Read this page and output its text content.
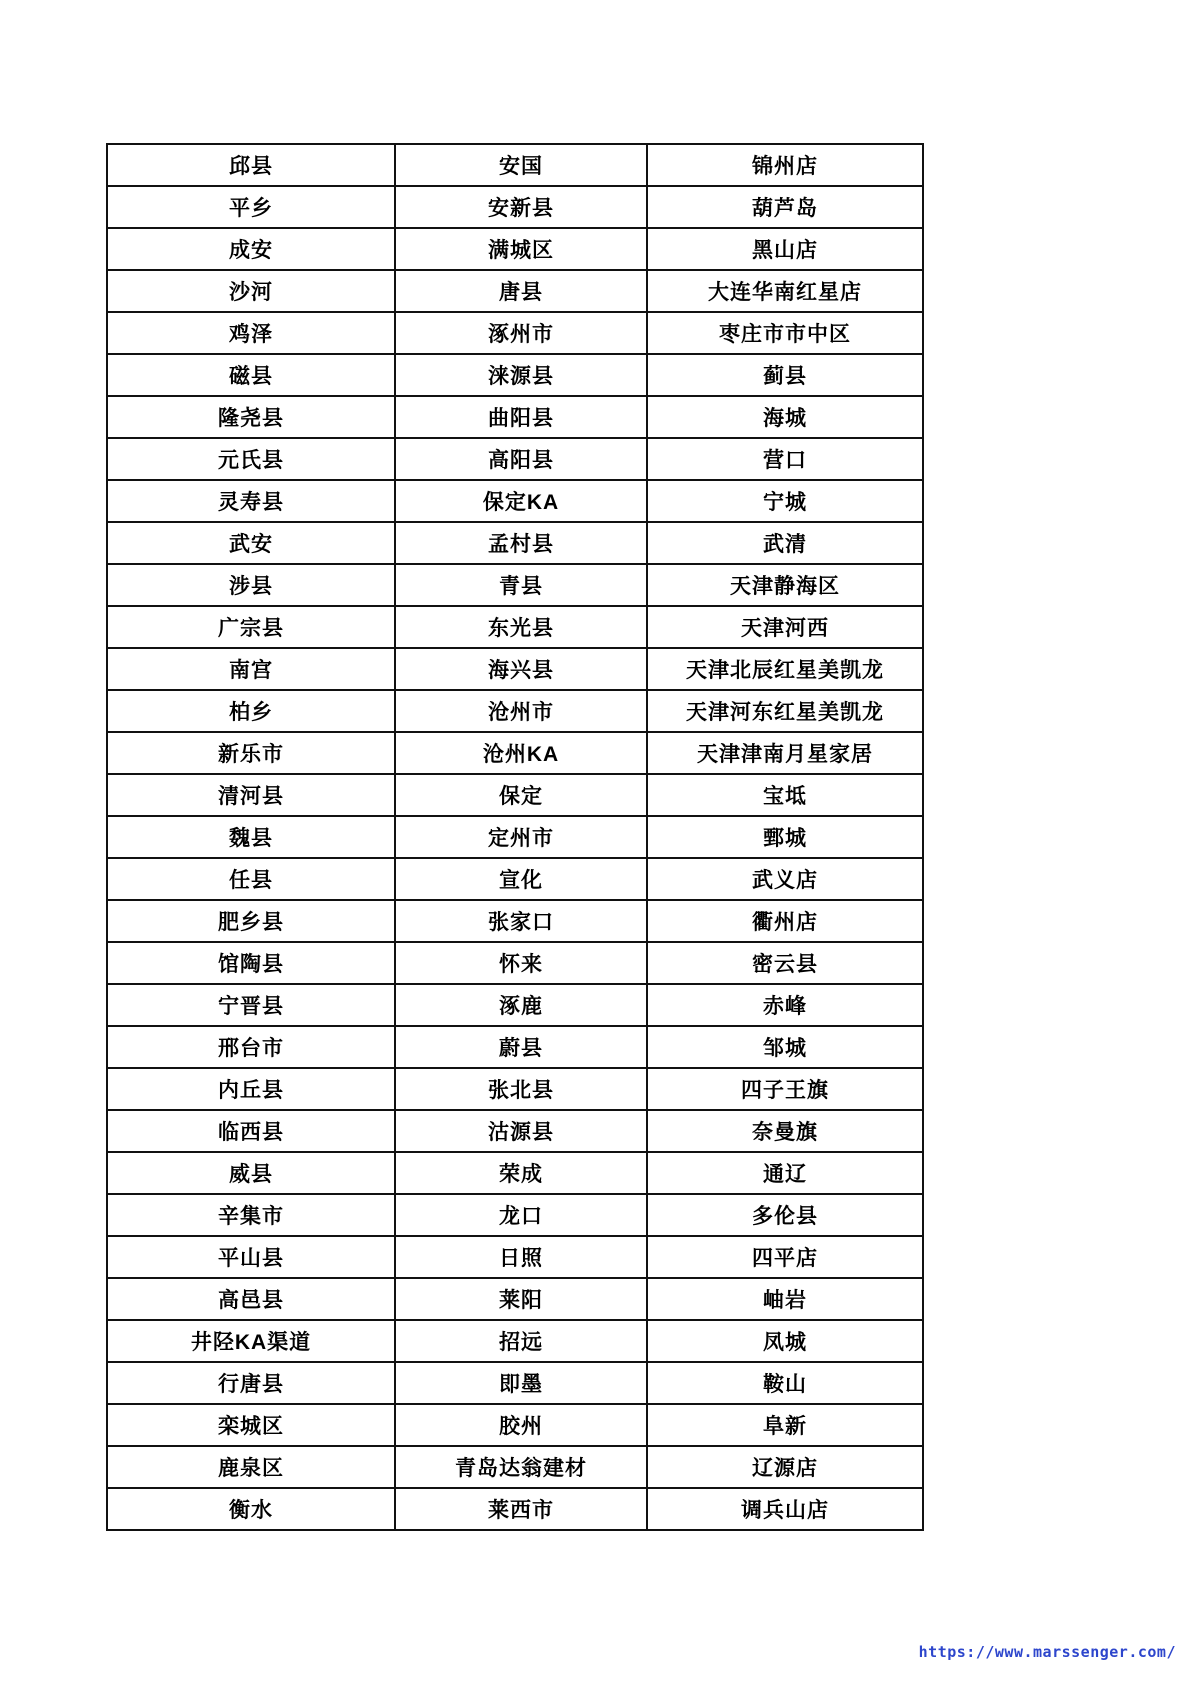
邱县	安国	锦州店
平乡	安新县	葫芦岛
成安	满城区	黑山店
沙河	唐县	大连华南红星店
鸡泽	涿州市	枣庄市市中区
磁县	涞源县	蓟县
隆尧县	曲阳县	海城
元氏县	高阳县	营口
灵寿县	保定KA	宁城
武安	孟村县	武清
涉县	青县	天津静海区
广宗县	东光县	天津河西
南宫	海兴县	天津北辰红星美凯龙
柏乡	沧州市	天津河东红星美凯龙
新乐市	沧州KA	天津津南月星家居
清河县	保定	宝坻
魏县	定州市	鄄城
任县	宣化	武义店
肥乡县	张家口	衢州店
馆陶县	怀来	密云县
宁晋县	涿鹿	赤峰
邢台市	蔚县	邹城
内丘县	张北县	四子王旗
临西县	沽源县	奈曼旗
威县	荣成	通辽
辛集市	龙口	多伦县
平山县	日照	四平店
高邑县	莱阳	岫岩
井陉KA渠道	招远	凤城
行唐县	即墨	鞍山
栾城区	胶州	阜新
鹿泉区	青岛达翁建材	辽源店
衡水	莱西市	调兵山店
https://www.marssenger.com/
